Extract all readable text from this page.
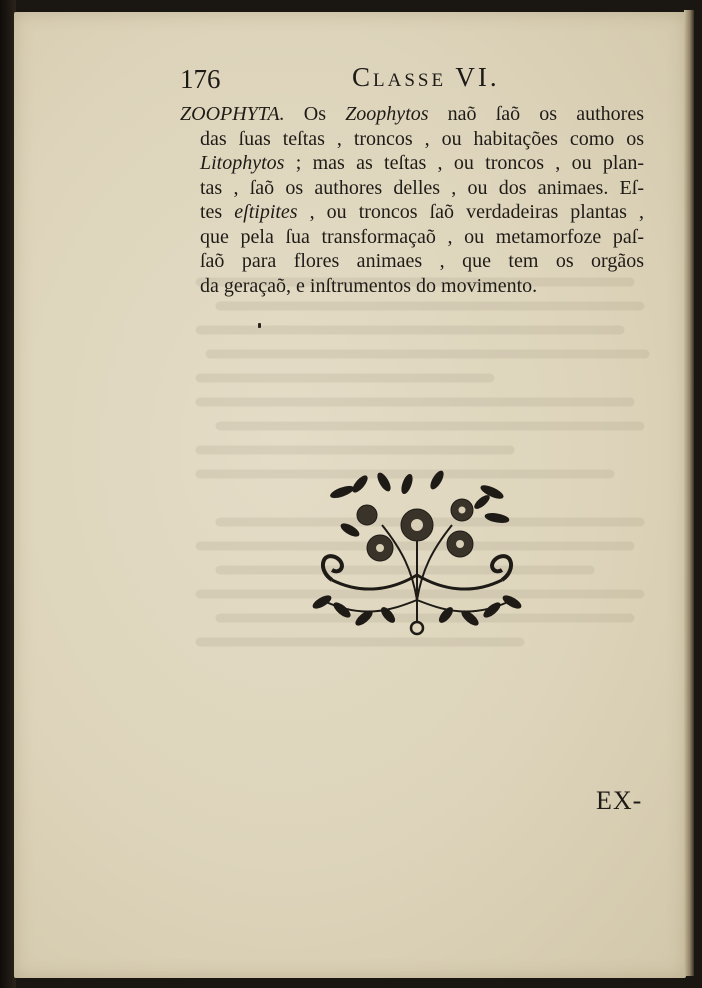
176	Classe VI.
ZOOPHYTA. Os Zoophytos naõ ſaõ os authores
das ſuas teſtas , troncos , ou habitações como os
Litophytos ; mas as teſtas , ou troncos , ou plan-
tas , ſaõ os authores delles , ou dos animaes. Eſ-
tes eſtipites , ou troncos ſaõ verdadeiras plantas ,
que pela ſua transformaçaõ , ou metamorfoze paſ-
ſaõ para flores animaes , que tem os orgãos
da geraçaõ, e inſtrumentos do movimento.
EX-
